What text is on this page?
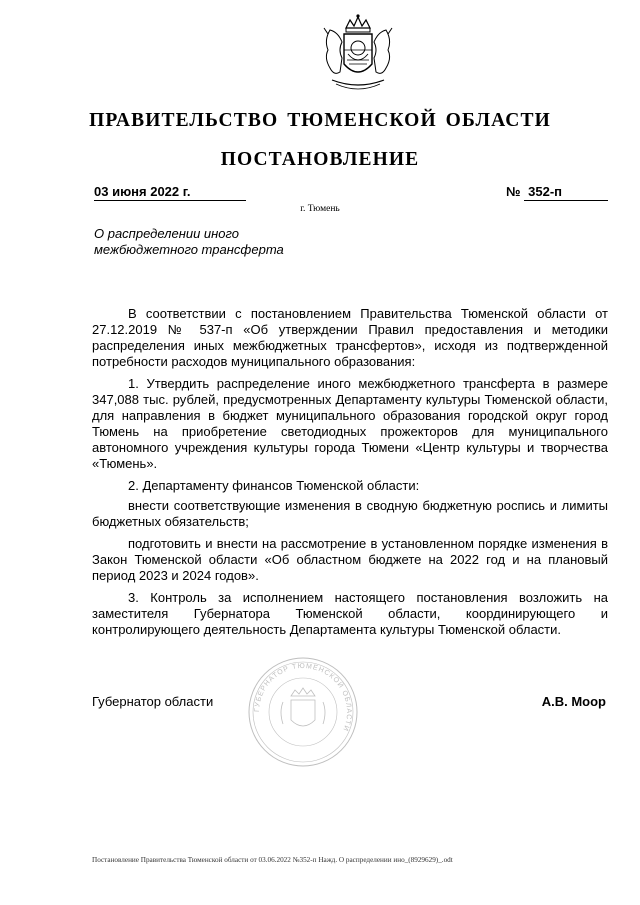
ПРАВИТЕЛЬСТВО ТЮМЕНСКОЙ ОБЛАСТИ
ПОСТАНОВЛЕНИЕ
03 июня 2022 г.	№ 352-п
г. Тюмень
О распределении иного
межбюджетного трансферта

В соответствии с постановлением Правительства Тюменской области от 27.12.2019 № 537-п «Об утверждении Правил предоставления и методики распределения иных межбюджетных трансфертов», исходя из подтвержденной потребности расходов муниципального образования:

1. Утвердить распределение иного межбюджетного трансферта в размере 347,088 тыс. рублей, предусмотренных Департаменту культуры Тюменской области, для направления в бюджет муниципального образования городской округ город Тюмень на приобретение светодиодных прожекторов для муниципального автономного учреждения культуры города Тюмени «Центр культуры и творчества «Тюмень».

2. Департаменту финансов Тюменской области:

внести соответствующие изменения в сводную бюджетную роспись и лимиты бюджетных обязательств;

подготовить и внести на рассмотрение в установленном порядке изменения в Закон Тюменской области «Об областном бюджете на 2022 год и на плановый период 2023 и 2024 годов».

3. Контроль за исполнением настоящего постановления возложить на заместителя Губернатора Тюменской области, координирующего и контролирующего деятельность Департамента культуры Тюменской области.

ГУБЕРНАТОР ТЮМЕНСКОЙ ОБЛАСТИ
Губернатор области	А.В. Моор
Постановление Правительства Тюменской области от 03.06.2022 №352-п Нажд. О распределении ино_(8929629)_.odt
